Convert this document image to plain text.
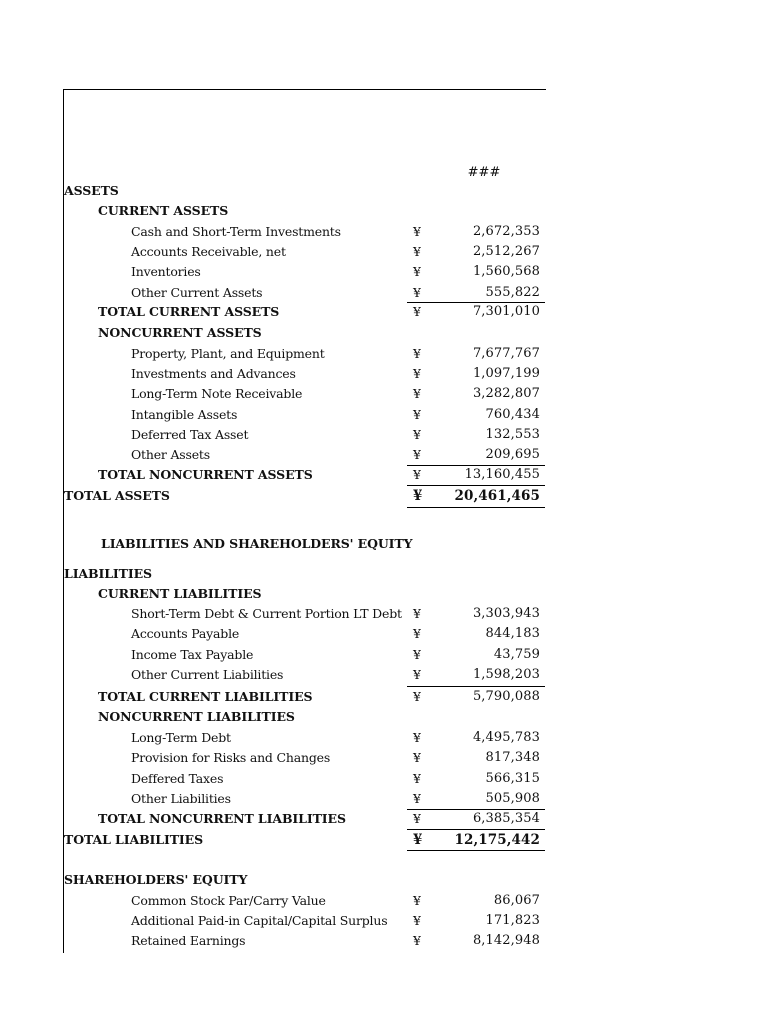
###
ASSETS
CURRENT ASSETS
Cash and Short-Term Investments	¥	2,672,353
Accounts Receivable, net	¥	2,512,267
Inventories	¥	1,560,568
Other Current Assets	¥	555,822
TOTAL CURRENT ASSETS	¥	7,301,010
NONCURRENT ASSETS
Property, Plant, and Equipment	¥	7,677,767
Investments and Advances	¥	1,097,199
Long-Term Note Receivable	¥	3,282,807
Intangible Assets	¥	760,434
Deferred Tax Asset	¥	132,553
Other Assets	¥	209,695
TOTAL NONCURRENT ASSETS	¥	13,160,455
TOTAL ASSETS	¥ 20,461,465
LIABILITIES AND SHAREHOLDERS' EQUITY
LIABILITIES
CURRENT LIABILITIES
Short-Term Debt & Current Portion LT Debt ¥	3,303,943
Accounts Payable	¥	844,183
Income Tax Payable	¥	43,759
Other Current Liabilities	¥	1,598,203
TOTAL CURRENT LIABILITIES	¥	5,790,088
NONCURRENT LIABILITIES
Long-Term Debt	¥	4,495,783
Provision for Risks and Changes	¥	817,348
Deffered Taxes	¥	566,315
Other Liabilities	¥	505,908
TOTAL NONCURRENT LIABILITIES	¥	6,385,354
TOTAL LIABILITIES	¥ 12,175,442
SHAREHOLDERS' EQUITY
Common Stock Par/Carry Value	¥	86,067
Additional Paid-in Capital/Capital Surplus ¥	171,823
Retained Earnings	¥	8,142,948
